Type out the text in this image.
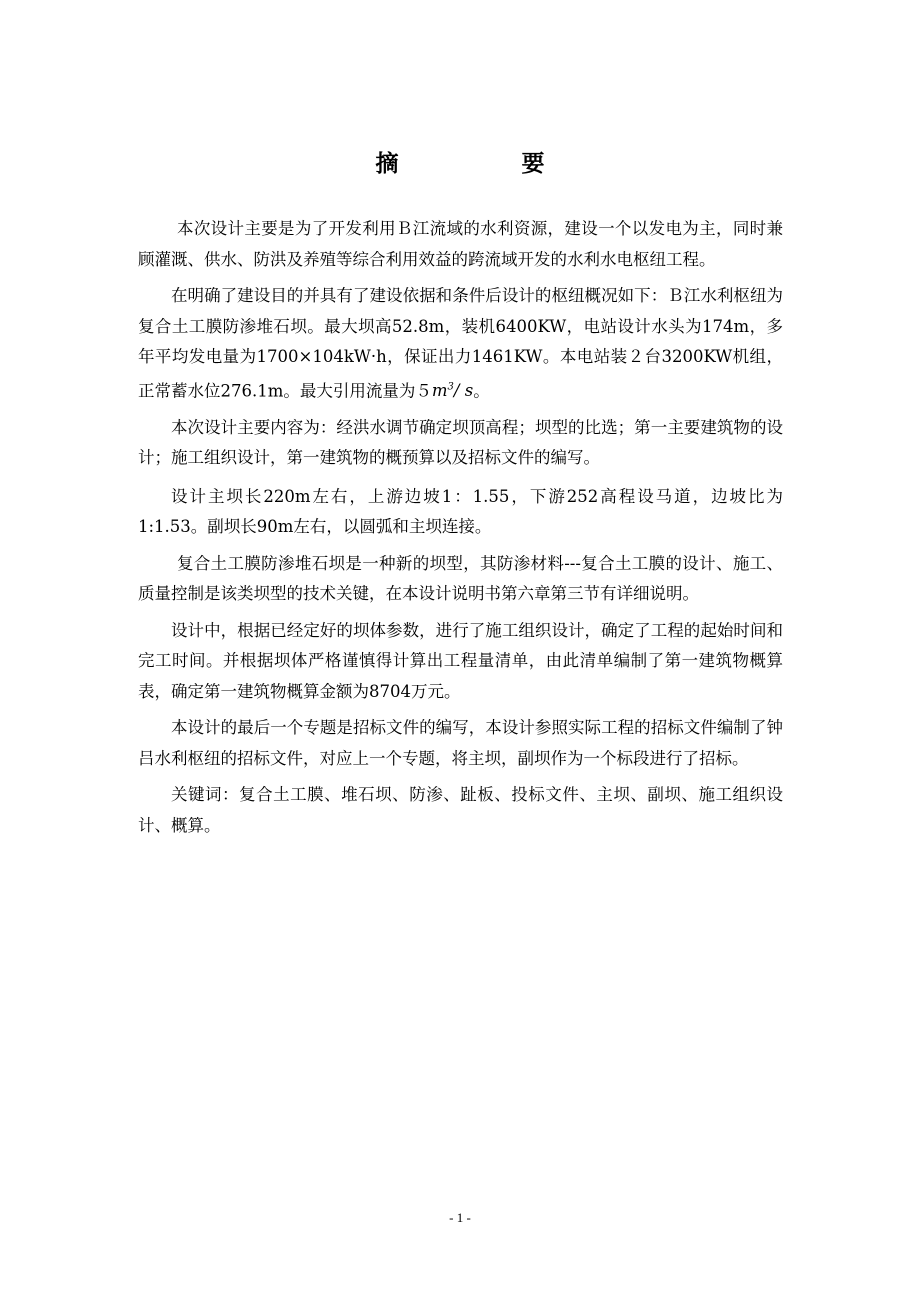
摘　要

本次设计主要是为了开发利用Ｂ江流域的水利资源，建设一个以发电为主，同时兼顾灌溉、供水、防洪及养殖等综合利用效益的跨流域开发的水利水电枢纽工程。

在明确了建设目的并具有了建设依据和条件后设计的枢纽概况如下：Ｂ江水利枢纽为复合土工膜防渗堆石坝。最大坝高52.8m，装机6400KW，电站设计水头为174m，多年平均发电量为1700×104kW·h，保证出力1461KW。本电站装２台3200KW机组，正常蓄水位276.1m。最大引用流量为$5m^3/$ s。

本次设计主要内容为：经洪水调节确定坝顶高程；坝型的比选；第一主要建筑物的设计；施工组织设计，第一建筑物的概预算以及招标文件的编写。

设计主坝长220m左右，上游边坡1：1.55，下游252高程设马道，边坡比为1:1.53。副坝长90m左右，以圆弧和主坝连接。

复合土工膜防渗堆石坝是一种新的坝型，其防渗材料---复合土工膜的设计、施工、质量控制是该类坝型的技术关键，在本设计说明书第六章第三节有详细说明。

设计中，根据已经定好的坝体参数，进行了施工组织设计，确定了工程的起始时间和完工时间。并根据坝体严格谨慎得计算出工程量清单，由此清单编制了第一建筑物概算表，确定第一建筑物概算金额为8704万元。

本设计的最后一个专题是招标文件的编写，本设计参照实际工程的招标文件编制了钟吕水利枢纽的招标文件，对应上一个专题，将主坝，副坝作为一个标段进行了招标。

关键词：复合土工膜、堆石坝、防渗、趾板、投标文件、主坝、副坝、施工组织设计、概算。

- 1 -
